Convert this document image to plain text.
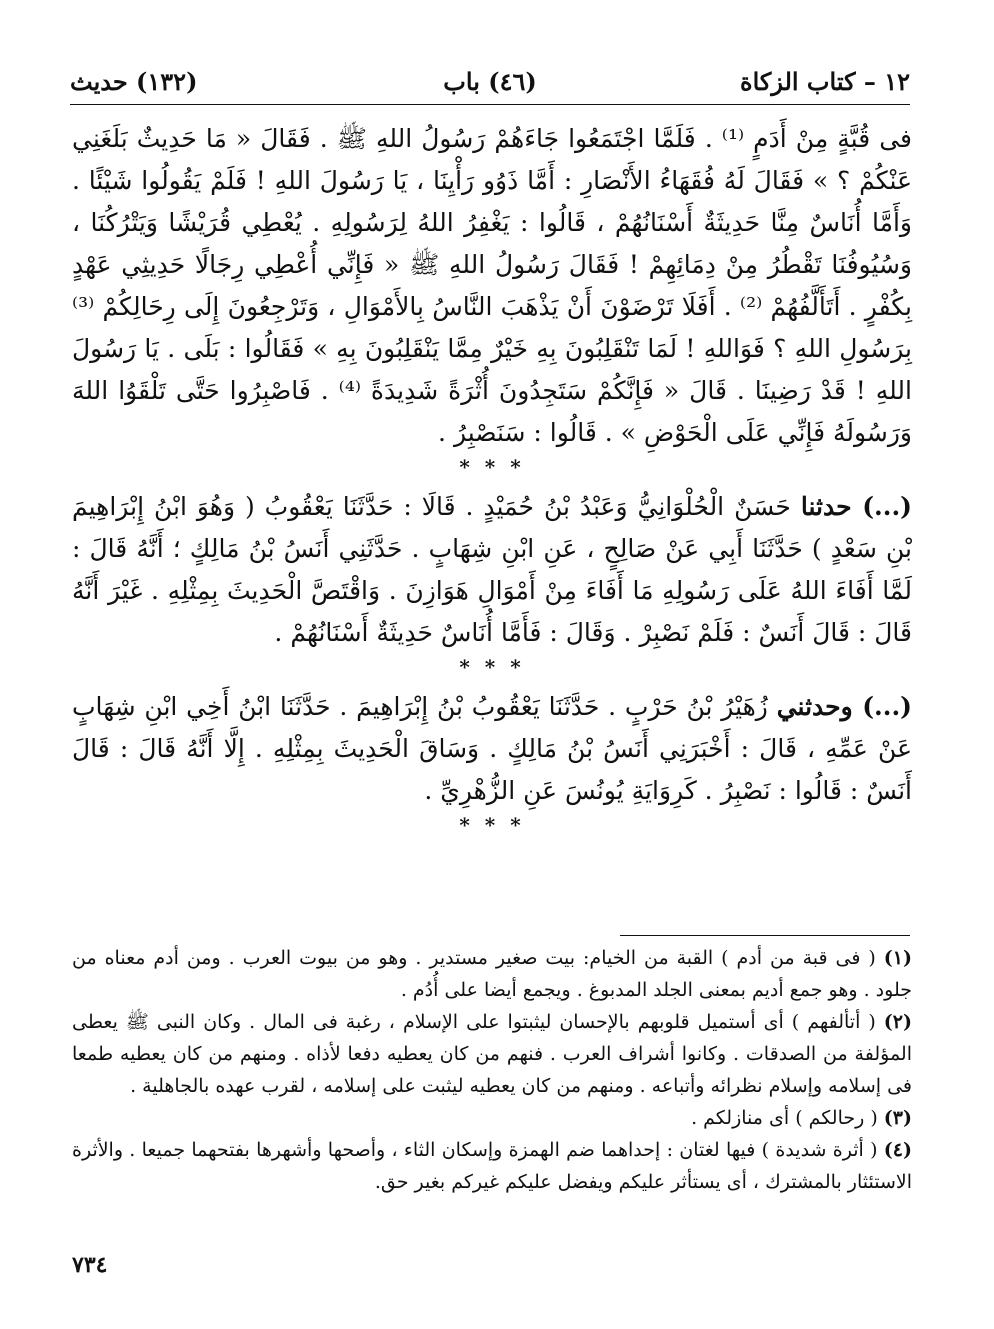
١٢ – كتاب الزكاة
(٤٦) باب
(١٣٢) حديث

فى قُبَّةٍ مِنْ أَدَمٍ ⁽¹⁾ . فَلَمَّا اجْتَمَعُوا جَاءَهُمْ رَسُولُ اللهِ ﷺ . فَقَالَ « مَا حَدِيثٌ بَلَغَنِي عَنْكُمْ ؟ » فَقَالَ لَهُ فُقَهَاءُ الأَنْصَارِ : أَمَّا ذَوُو رَأْيِنَا ، يَا رَسُولَ اللهِ ! فَلَمْ يَقُولُوا شَيْئًا . وَأَمَّا أُنَاسٌ مِنَّا حَدِيثَةٌ أَسْنَانُهُمْ ، قَالُوا : يَغْفِرُ اللهُ لِرَسُولِهِ . يُعْطِي قُرَيْشًا وَيَتْرُكُنَا ، وَسُيُوفُنَا تَقْطُرُ مِنْ دِمَائِهِمْ ! فَقَالَ رَسُولُ اللهِ ﷺ « فَإِنِّي أُعْطِي رِجَالًا حَدِيثِي عَهْدٍ بِكُفْرٍ . أَتَأَلَّفُهُمْ ⁽²⁾ . أَفَلَا تَرْضَوْنَ أَنْ يَذْهَبَ النَّاسُ بِالأَمْوَالِ ، وَتَرْجِعُونَ إِلَى رِحَالِكُمْ ⁽³⁾ بِرَسُولِ اللهِ ؟ فَوَاللهِ ! لَمَا تَنْقَلِبُونَ بِهِ خَيْرٌ مِمَّا يَنْقَلِبُونَ بِهِ » فَقَالُوا : بَلَى . يَا رَسُولَ اللهِ ! قَدْ رَضِينَا . قَالَ « فَإِنَّكُمْ سَتَجِدُونَ أُثْرَةً شَدِيدَةً ⁽⁴⁾ . فَاصْبِرُوا حَتَّى تَلْقَوُا اللهَ وَرَسُولَهُ فَإِنِّي عَلَى الْحَوْضِ » . قَالُوا : سَنَصْبِرُ .

* * *

(...) حدثنا حَسَنٌ الْحُلْوَانِيُّ وَعَبْدُ بْنُ حُمَيْدٍ . قَالَا : حَدَّثَنَا يَعْقُوبُ ( وَهُوَ ابْنُ إِبْرَاهِيمَ بْنِ سَعْدٍ ) حَدَّثَنَا أَبِي عَنْ صَالِحٍ ، عَنِ ابْنِ شِهَابٍ . حَدَّثَنِي أَنَسُ بْنُ مَالِكٍ ؛ أَنَّهُ قَالَ : لَمَّا أَفَاءَ اللهُ عَلَى رَسُولِهِ مَا أَفَاءَ مِنْ أَمْوَالِ هَوَازِنَ . وَاقْتَصَّ الْحَدِيثَ بِمِثْلِهِ . غَيْرَ أَنَّهُ قَالَ : قَالَ أَنَسٌ : فَلَمْ نَصْبِرْ . وَقَالَ : فَأَمَّا أُنَاسٌ حَدِيثَةٌ أَسْنَانُهُمْ .

* * *

(...) وحدثني زُهَيْرُ بْنُ حَرْبٍ . حَدَّثَنَا يَعْقُوبُ بْنُ إِبْرَاهِيمَ . حَدَّثَنَا ابْنُ أَخِي ابْنِ شِهَابٍ عَنْ عَمِّهِ ، قَالَ : أَخْبَرَنِي أَنَسُ بْنُ مَالِكٍ . وَسَاقَ الْحَدِيثَ بِمِثْلِهِ . إِلَّا أَنَّهُ قَالَ : قَالَ أَنَسٌ : قَالُوا : نَصْبِرُ . كَرِوَايَةِ يُونُسَ عَنِ الزُّهْرِيِّ .

* * *

(١) ( فى قبة من أدم ) القبة من الخيام: بيت صغير مستدير . وهو من بيوت العرب . ومن أدم معناه من جلود . وهو جمع أديم بمعنى الجلد المدبوغ . ويجمع أيضا على أُدُم .

(٢) ( أتألفهم ) أى أستميل قلوبهم بالإحسان ليثبتوا على الإسلام ، رغبة فى المال . وكان النبى ﷺ يعطى المؤلفة من الصدقات . وكانوا أشراف العرب . فنهم من كان يعطيه دفعا لأذاه . ومنهم من كان يعطيه طمعا فى إسلامه وإسلام نظرائه وأتباعه . ومنهم من كان يعطيه ليثبت على إسلامه ، لقرب عهده بالجاهلية .

(٣) ( رحالكم ) أى منازلكم .

(٤) ( أثرة شديدة ) فيها لغتان : إحداهما ضم الهمزة وإسكان الثاء ، وأصحها وأشهرها بفتحهما جميعا . والأثرة الاستئثار بالمشترك ، أى يستأثر عليكم ويفضل عليكم غيركم بغير حق.

٧٣٤
